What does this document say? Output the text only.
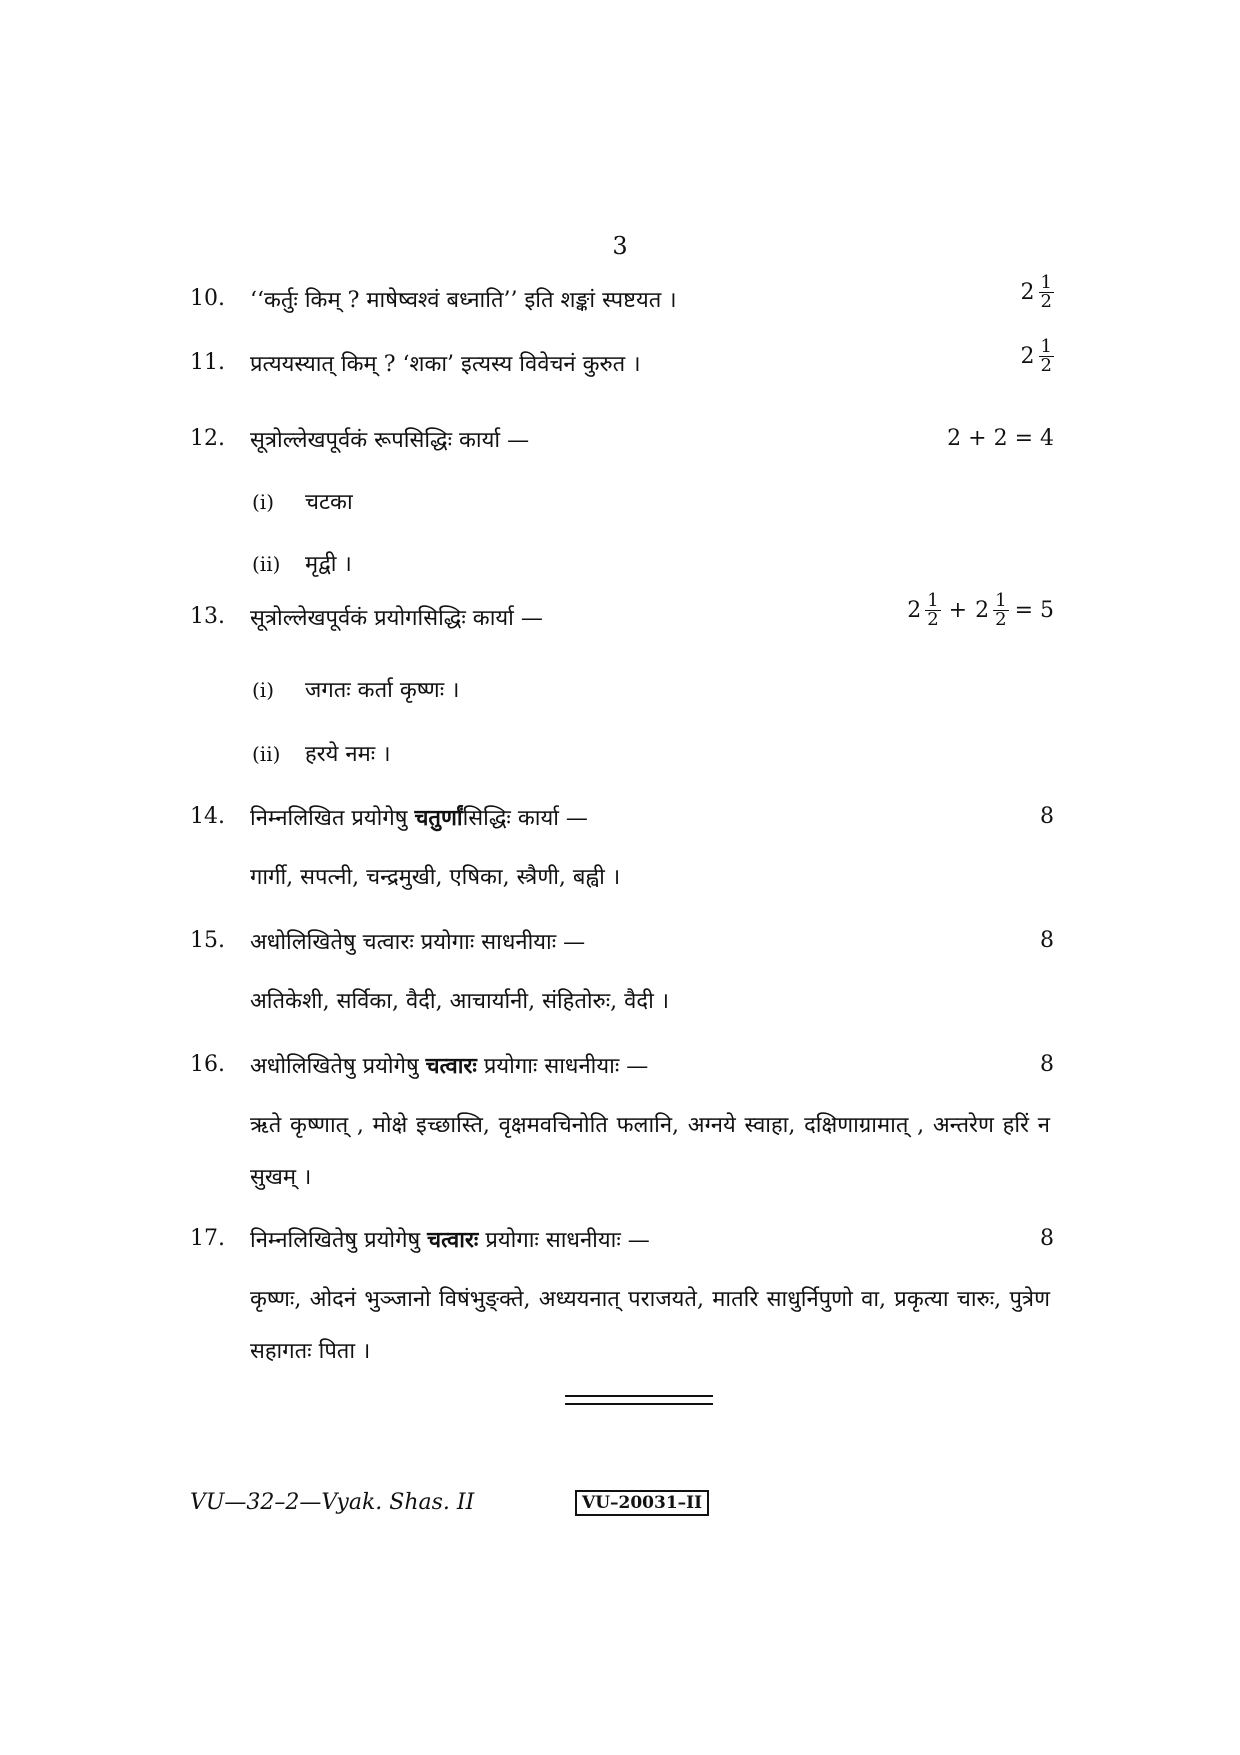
3
10.	‘‘कर्तुः किम् ? माषेष्वश्वं बध्नाति’’ इति शङ्कां स्पष्टयत ।	$2 \frac{1}{2}$
11.	प्रत्ययस्यात् किम् ? ‘शका’ इत्यस्य विवेचनं कुरुत ।	$2 \frac{1}{2}$
12.	सूत्रोल्लेखपूर्वकं रूपसिद्धिः कार्या —	2 + 2 = 4
(i) चटका
(ii) मृद्वी ।
13.	सूत्रोल्लेखपूर्वकं प्रयोगसिद्धिः कार्या —	$2 \frac{1}{2} + 2 \frac{1}{2} = 5$
(i) जगतः कर्ता कृष्णः ।
(ii) हरये नमः ।
14.	निम्नलिखित प्रयोगेषु चतुर्णांसिद्धिः कार्या —	8
गार्गी, सपत्नी, चन्द्रमुखी, एषिका, स्त्रैणी, बह्वी ।
15.	अधोलिखितेषु चत्वारः प्रयोगाः साधनीयाः —	8
अतिकेशी, सर्विका, वैदी, आचार्यानी, संहितोरुः, वैदी ।
16.	अधोलिखितेषु प्रयोगेषु चत्वारः प्रयोगाः साधनीयाः —	8
ऋते कृष्णात् , मोक्षे इच्छास्ति, वृक्षमवचिनोति फलानि, अग्नये स्वाहा, दक्षिणाग्रामात् , अन्तरेण हरिं न सुखम् ।
17.	निम्नलिखितेषु प्रयोगेषु चत्वारः प्रयोगाः साधनीयाः —	8
कृष्णः, ओदनं भुञ्जानो विषंभुङ्क्ते, अध्ययनात् पराजयते, मातरि साधुर्निपुणो वा, प्रकृत्या चारुः, पुत्रेण सहागतः पिता ।
VU—32–2—Vyak. Shas. II	VU–20031–II
